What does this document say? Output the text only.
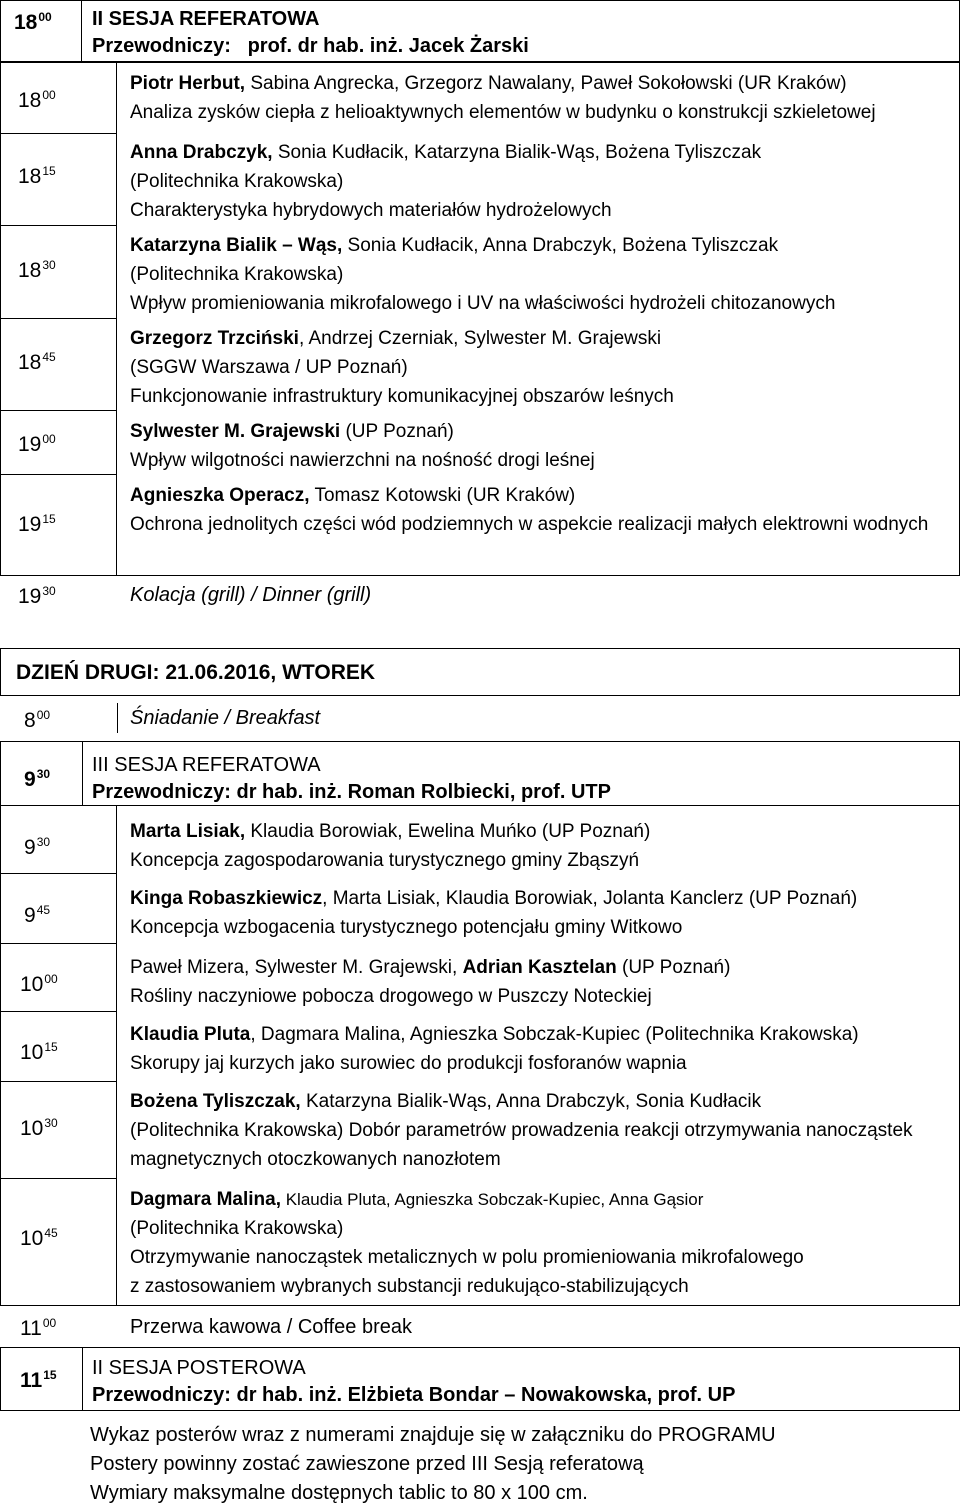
$18^{00}$ II SESJA REFERATOWA
Przewodniczy: prof. dr hab. inż. Jacek Żarski
$18^{00}$
Piotr Herbut, Sabina Angrecka, Grzegorz Nawalany, Paweł Sokołowski (UR Kraków)
Analiza zysków ciepła z helioaktywnych elementów w budynku o konstrukcji szkieletowej
$18^{15}$
Anna Drabczyk, Sonia Kudłacik, Katarzyna Bialik-Wąs, Bożena Tyliszczak
(Politechnika Krakowska)
Charakterystyka hybrydowych materiałów hydrożelowych
$18^{30}$
Katarzyna Bialik – Wąs, Sonia Kudłacik, Anna Drabczyk, Bożena Tyliszczak
(Politechnika Krakowska)
Wpływ promieniowania mikrofalowego i UV na właściwości hydrożeli chitozanowych
$18^{45}$
Grzegorz Trzciński, Andrzej Czerniak, Sylwester M. Grajewski
(SGGW Warszawa / UP Poznań)
Funkcjonowanie infrastruktury komunikacyjnej obszarów leśnych
$19^{00}$	Sylwester M. Grajewski (UP Poznań)
Wpływ wilgotności nawierzchni na nośność drogi leśnej
$19^{15}$
Agnieszka Operacz, Tomasz Kotowski (UR Kraków)
Ochrona jednolitych części wód podziemnych w aspekcie realizacji małych elektrowni wodnych
$19^{30}$	Kolacja (grill) / Dinner (grill)
DZIEŃ DRUGI: 21.06.2016, WTOREK
$8^{00}$	Śniadanie / Breakfast
$9^{30}$ III SESJA REFERATOWA
Przewodniczy: dr hab. inż. Roman Rolbiecki, prof. UTP
$9^{30}$	Marta Lisiak, Klaudia Borowiak, Ewelina Muńko (UP Poznań)
Koncepcja zagospodarowania turystycznego gminy Zbąszyń
$9^{45}$
Kinga Robaszkiewicz, Marta Lisiak, Klaudia Borowiak, Jolanta Kanclerz (UP Poznań)
Koncepcja wzbogacenia turystycznego potencjału gminy Witkowo
$10^{00}$
Paweł Mizera, Sylwester M. Grajewski, Adrian Kasztelan (UP Poznań)
Rośliny naczyniowe pobocza drogowego w Puszczy Noteckiej
$10^{15}$
Klaudia Pluta, Dagmara Malina, Agnieszka Sobczak-Kupiec (Politechnika Krakowska)
Skorupy jaj kurzych jako surowiec do produkcji fosforanów wapnia
$10^{30}$
Bożena Tyliszczak, Katarzyna Bialik-Wąs, Anna Drabczyk, Sonia Kudłacik
(Politechnika Krakowska) Dobór parametrów prowadzenia reakcji otrzymywania nanocząstek magnetycznych otoczkowanych nanozłotem
$10^{45}$
Dagmara Malina, Klaudia Pluta, Agnieszka Sobczak-Kupiec, Anna Gąsior
(Politechnika Krakowska)
Otrzymywanie nanocząstek metalicznych w polu promieniowania mikrofalowego
z zastosowaniem wybranych substancji redukująco-stabilizujących
$11^{00}$	Przerwa kawowa / Coffee break
$11^{15}$ II SESJA POSTEROWA
Przewodniczy: dr hab. inż. Elżbieta Bondar – Nowakowska, prof. UP
Wykaz posterów wraz z numerami znajduje się w załączniku do PROGRAMU
Postery powinny zostać zawieszone przed III Sesją referatową
Wymiary maksymalne dostępnych tablic to 80 x 100 cm.
